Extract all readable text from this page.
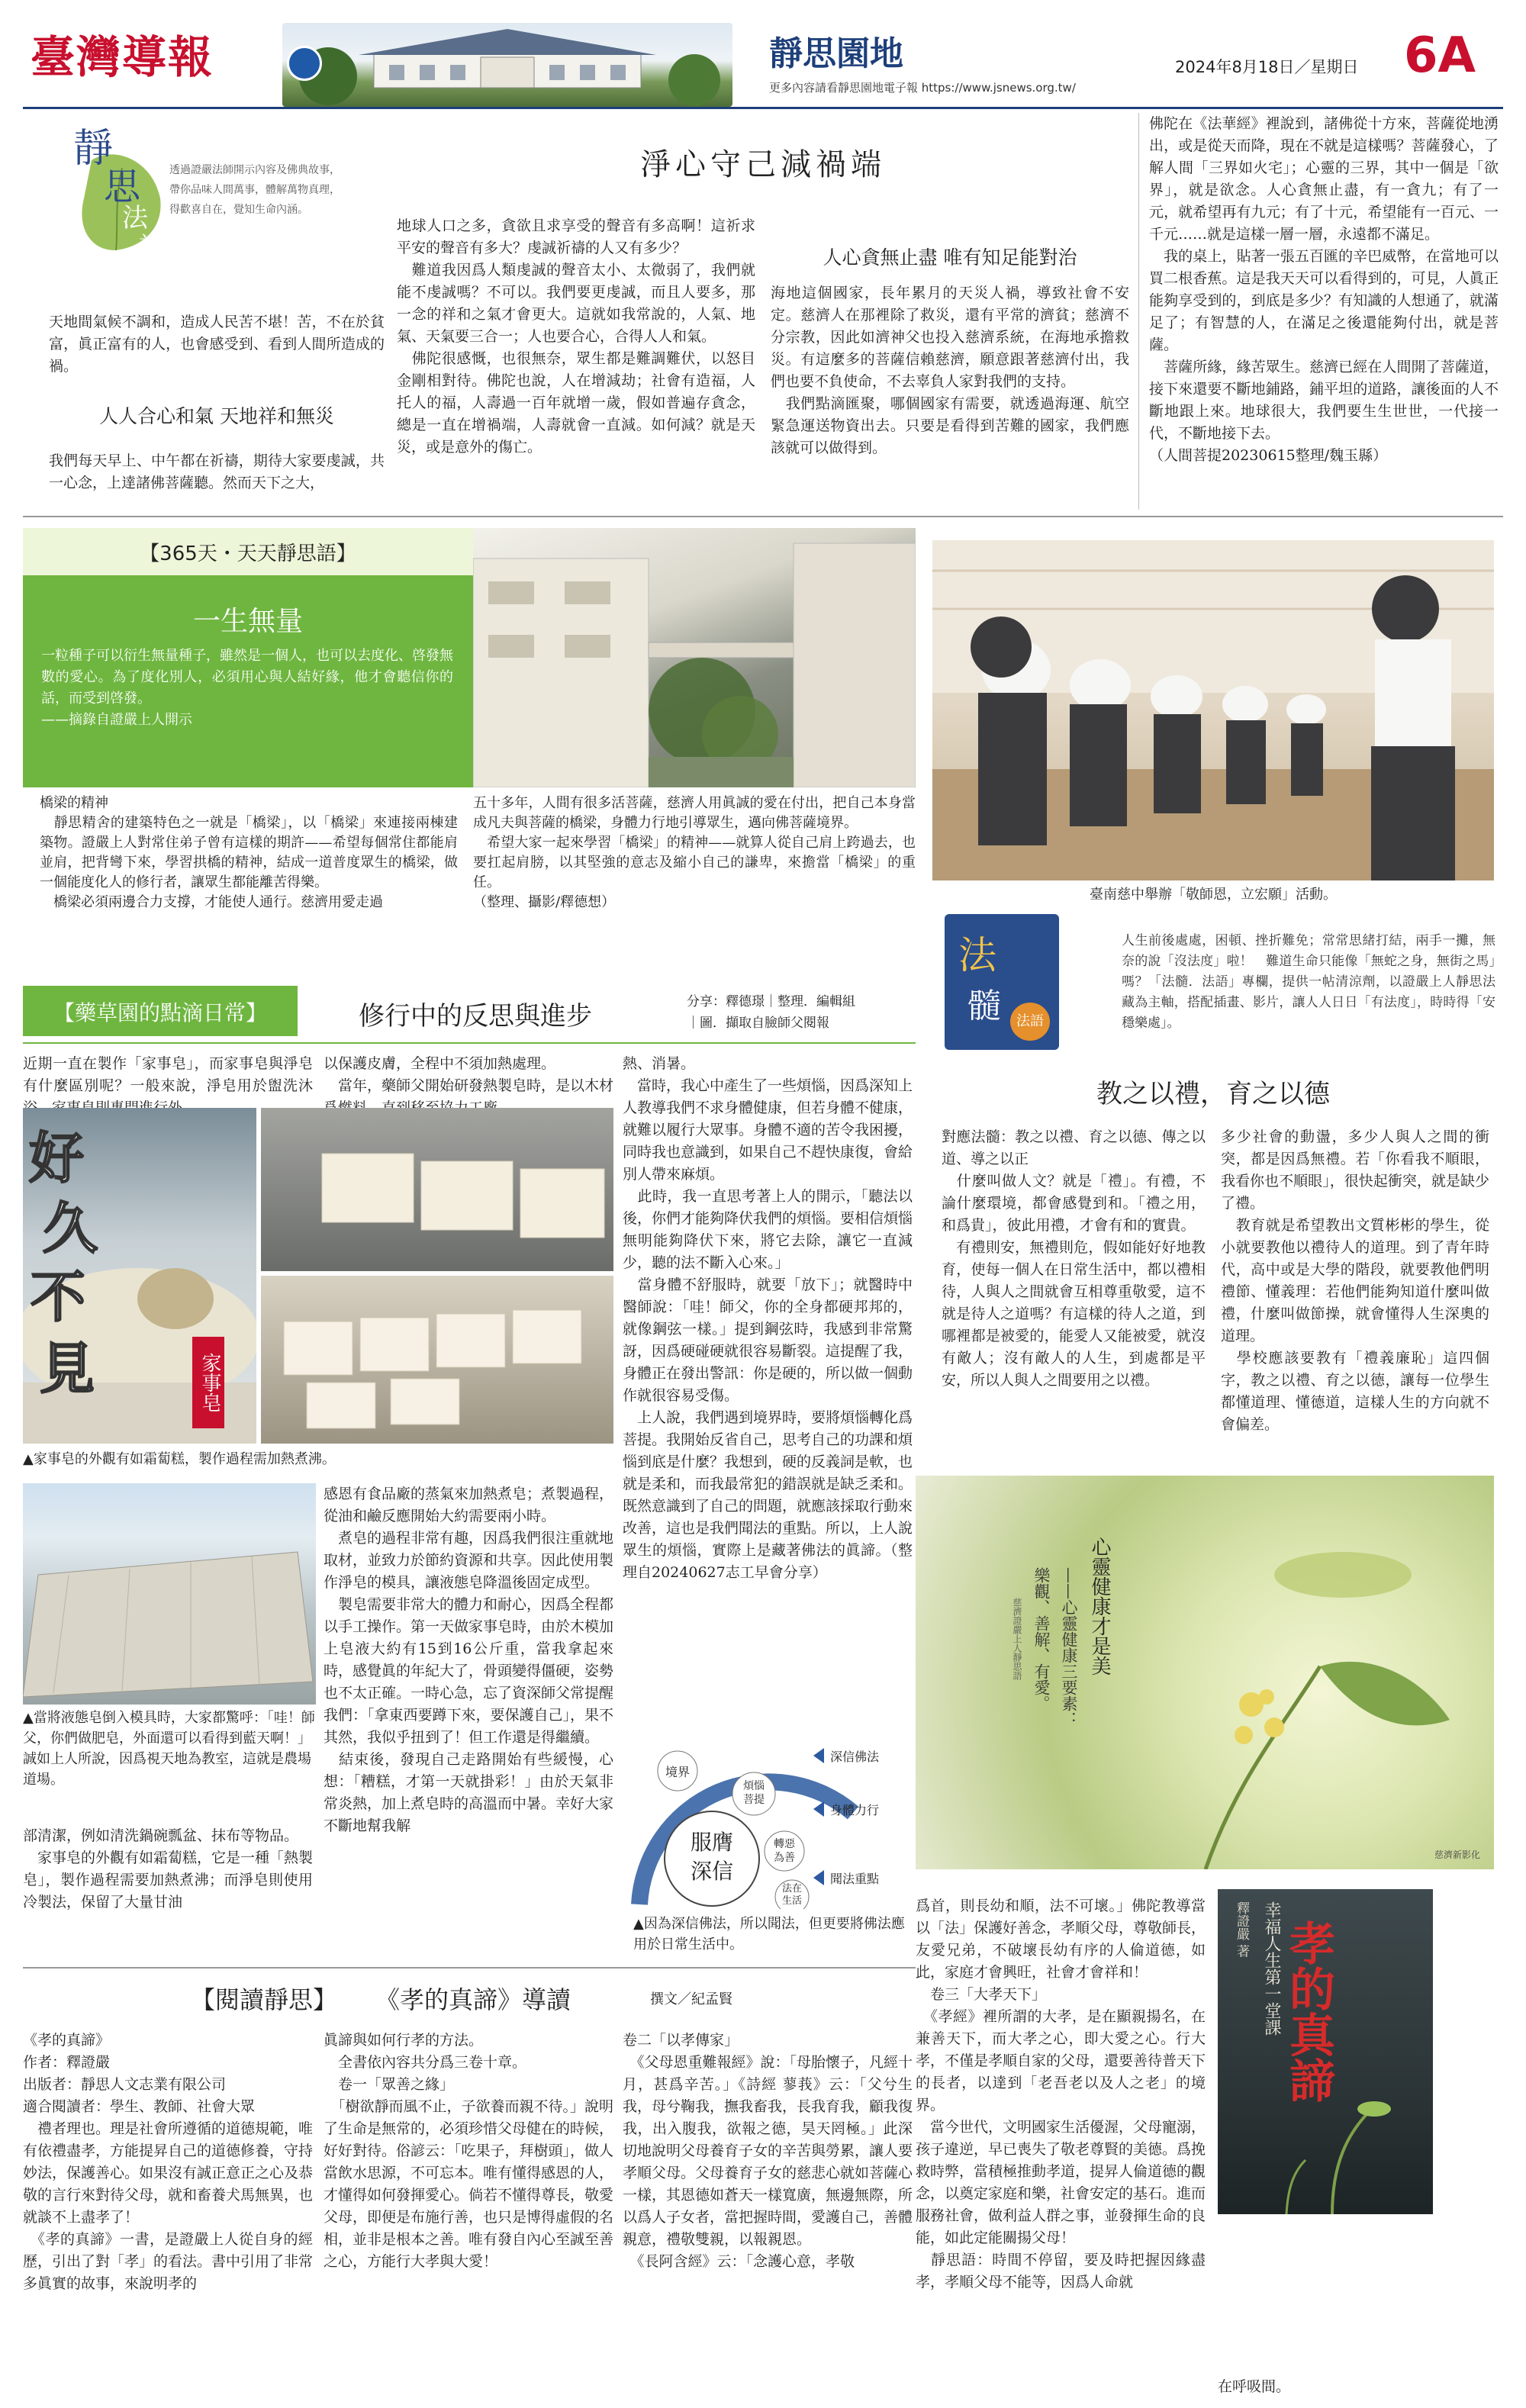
臺灣導報	靜思園地
更多內容請看靜思園地電子報 https://www.jsnews.org.tw/
2024年8月18日／星期日 6A
靜
思
法
語
透過證嚴法師開示內容及佛典故事，
帶你品味人間萬事，體解萬物真理，
得歡喜自在，覺知生命內涵。
淨心守己減禍端
天地間氣候不調和，造成人民苦不堪！苦，不在於貧富，眞正富有的人，也會感受到、看到人間所造成的禍。
人人合心和氣 天地祥和無災
我們每天早上、中午都在祈禱，期待大家要虔誠，共一心念，上達諸佛菩薩聽。然而天下之大，
地球人口之多，貪欲且求享受的聲音有多高啊！這祈求平安的聲音有多大？虔誠祈禱的人又有多少？
　難道我因爲人類虔誠的聲音太小、太微弱了，我們就能不虔誠嗎？不可以。我們要更虔誠，而且人要多，那一念的祥和之氣才會更大。這就如我常說的，人氣、地氣、天氣要三合一；人也要合心，合得人人和氣。
　佛陀很感慨，也很無奈，眾生都是難調難伏，以怒目金剛相對待。佛陀也說，人在增減劫；社會有造福，人托人的福，人壽過一百年就增一歲，假如普遍存貪念，總是一直在增禍端，人壽就會一直減。如何減？就是天災，或是意外的傷亡。
人心貪無止盡 唯有知足能對治
海地這個國家，長年累月的天災人禍，導致社會不安定。慈濟人在那裡除了救災，還有平常的濟貧；慈濟不分宗教，因此如濟神父也投入慈濟系統，在海地承擔救災。有這麼多的菩薩信賴慈濟，願意跟著慈濟付出，我們也要不負使命，不去辜負人家對我們的支持。
　我們點滴匯聚，哪個國家有需要，就透過海運、航空緊急運送物資出去。只要是看得到苦難的國家，我們應該就可以做得到。
佛陀在《法華經》裡說到，諸佛從十方來，菩薩從地湧出，或是從天而降，現在不就是這樣嗎？菩薩發心，了解人間「三界如火宅」；心靈的三界，其中一個是「欲界」，就是欲念。人心貪無止盡，有一貪九；有了一元，就希望再有九元；有了十元，希望能有一百元、一千元……就是這樣一層一層，永遠都不滿足。
　我的桌上，貼著一張五百匯的辛巴威幣，在當地可以買二根香蕉。這是我天天可以看得到的，可見，人眞正能夠享受到的，到底是多少？有知識的人想通了，就滿足了；有智慧的人，在滿足之後還能夠付出，就是菩薩。
　菩薩所緣，緣苦眾生。慈濟已經在人間開了菩薩道，接下來還要不斷地鋪路，鋪平坦的道路，讓後面的人不斷地跟上來。地球很大，我們要生生世世，一代接一代，不斷地接下去。
（人間菩提20230615整理/魏玉縣）
【365天・天天靜思語】
一生無量
一粒種子可以衍生無量種子，雖然是一個人，也可以去度化、啓發無數的愛心。為了度化別人，必須用心與人結好緣，他才會聽信你的話，而受到啓發。
——摘錄自證嚴上人開示
橋梁的精神
　靜思精舍的建築特色之一就是「橋梁」，以「橋梁」來連接兩棟建築物。證嚴上人對常住弟子曾有這樣的期許——希望每個常住都能肩並肩，把背彎下來，學習拱橋的精神，結成一道普度眾生的橋梁，做一個能度化人的修行者，讓眾生都能離苦得樂。
　橋梁必須兩邊合力支撐，才能使人通行。慈濟用愛走過
五十多年，人間有很多活菩薩，慈濟人用眞誠的愛在付出，把自己本身當成凡夫與菩薩的橋梁，身體力行地引導眾生，邁向佛菩薩境界。
　希望大家一起來學習「橋梁」的精神——就算人從自己肩上跨過去，也要扛起肩膀，以其堅強的意志及縮小自己的謙卑，來擔當「橋梁」的重任。
（整理、攝影/釋德想）	臺南慈中舉辦「敬師恩，立宏願」活動。
法
髓	法語
人生前後處處，困頓、挫折難免；常常思緒打結，兩手一攤，無奈的說「沒法度」啦！　難道生命只能像「無蛇之身，無街之馬」嗎？「法髓．法語」專欄，提供一帖清涼劑，以證嚴上人靜思法藏為主軸，搭配插畫、影片，讓人人日日「有法度」，時時得「安穩樂處」。
教之以禮，育之以德
對應法髓：教之以禮、育之以德、傳之以道、導之以正
　什麼叫做人文？就是「禮」。有禮，不論什麼環境，都會感覺到和。「禮之用，和爲貴」，彼此用禮，才會有和的實貴。
　有禮則安，無禮則危，假如能好好地教育，使每一個人在日常生活中，都以禮相待，人與人之間就會互相尊重敬愛，這不就是待人之道嗎？有這樣的待人之道，到哪裡都是被愛的，能愛人又能被愛，就沒有敵人；沒有敵人的人生，到處都是平安，所以人與人之間要用之以禮。
多少社會的動盪，多少人與人之間的衝突，都是因爲無禮。若「你看我不順眼，我看你也不順眼」，很快起衝突，就是缺少了禮。
　教育就是希望教出文質彬彬的學生，從小就要教他以禮待人的道理。到了青年時代，高中或是大學的階段，就要教他們明禮節、懂義理：若他們能夠知道什麼叫做禮，什麼叫做節操，就會懂得人生深奧的道理。
　學校應該要教有「禮義廉恥」這四個字，教之以禮、育之以德，讓每一位學生都懂道理、懂德道，這樣人生的方向就不會偏差。
心靈健康才是美
——心靈健康三要素：
樂觀、善解、有愛。
慈濟證嚴上人靜思語
慈濟新影化
【藥草園的點滴日常】	修行中的反思與進步	分享：釋德璟｜整理．編輯組
｜圖．擷取自臉師父閱報
近期一直在製作「家事皂」，而家事皂與淨皂有什麼區別呢？一般來說，淨皂用於盥洗沐
以保護皮膚，全程中不須加熱處理。
　當年，藥師父開始研發熱製皂時，是以木材
熱、消暑。
　當時，我心中產生了一些煩惱，因爲深知上人教導我們不求身體健康，但若身體不健康，就難以履行大眾事。身體不適的苦令我困擾，同時我也意識到，如果自己不趕快康復，會給別人帶來麻煩。
　此時，我一直思考著上人的開示，「聽法以後，你們才能夠降伏我們的煩惱。要相信煩惱無明能夠降伏下來，將它去除，讓它一直減少，聽的法不斷入心來。」
　當身體不舒服時，就要「放下」；就醫時中醫師說：「哇！師父，你的全身都硬邦邦的，就像鋼弦一樣。」提到鋼弦時，我感到非常驚訝，因爲硬碰硬就很容易斷裂。這提醒了我，身體正在發出警訊：你是硬的，所以做一個動作就很容易受傷。
　上人說，我們遇到境界時，要將煩惱轉化爲菩提。我開始反省自己，思考自己的功課和煩惱到底是什麼？我想到，硬的反義詞是軟，也就是柔和，而我最常犯的錯誤就是缺乏柔和。既然意識到了自己的問題，就應該採取行動來改善，這也是我們聞法的重點。所以，上人說眾生的煩惱，實際上是藏著佛法的眞諦。（整理自20240627志工早會分享）
好
久
不
見	家事皂
▲家事皂的外觀有如霜蔔糕，製作過程需加熱煮沸。
▲當將液態皂倒入模具時，大家都驚呼：「哇！師父，你們做肥皂，外面還可以看得到藍天啊！」誠如上人所說，因爲視天地為教室，這就是農場道場。
感恩有食品廠的蒸氣來加熱煮皂；煮製過程，從油和鹼反應開始大約需要兩小時。
　煮皂的過程非常有趣，因爲我們很注重就地取材，並致力於節約資源和共享。因此使用製作淨皂的模具，讓液態皂降溫後固定成型。
　製皂需要非常大的體力和耐心，因爲全程都以手工操作。第一天做家事皂時，由於木模加上皂液大約有15到16公斤重，當我拿起來時，感覺眞的年紀大了，骨頭變得僵硬，姿勢也不太正確。一時心急，忘了資深師父常提醒我們：「拿東西要蹲下來，要保護自己」，果不其然，我似乎扭到了！但工作還是得繼續。
　結束後，發現自己走路開始有些緩慢，心想：「糟糕，才第一天就掛彩！」由於天氣非常炎熱，加上煮皂時的高溫而中暑。幸好大家不斷地幫我解
部清潔，例如清洗鍋碗瓢盆、抹布等物品。
　家事皂的外觀有如霜蔔糕，它是一種「熱製皂」，製作過程需要加熱煮沸；而淨皂則使用冷製法，保留了大量甘油
境界
煩惱
菩提
轉惡
為善
法在
生活
服膺
深信
深信佛法
身體力行
聞法重點
▲因為深信佛法，所以聞法，但更要將佛法應用於日常生活中。
【閱讀靜思】	《孝的真諦》導讀	撰文／紀孟賢
《孝的真諦》
作者：釋證嚴
出版者：靜思人文志業有限公司
適合閱讀者：學生、教師、社會大眾
　禮者理也。理是社會所遵循的道德規範，唯有依禮盡孝，方能提昇自己的道德修養，守持妙法，保護善心。如果沒有誠正意正之心及恭敬的言行來對待父母，就和畜養犬馬無異，也就談不上盡孝了！
　《孝的真諦》一書，是證嚴上人從自身的經歷，引出了對「孝」的看法。書中引用了非常多眞實的故事，來說明孝的
眞諦與如何行孝的方法。
　全書依內容共分爲三卷十章。
　卷一「眾善之緣」
　「樹欲靜而風不止，子欲養而親不待。」說明了生命是無常的，必須珍惜父母健在的時候，好好對待。俗諺云：「吃果子，拜樹頭」，做人當飲水思源，不可忘本。唯有懂得感恩的人，才懂得如何發揮愛心。倘若不懂得尊長，敬愛父母，即便是布施行善，也只是博得虛假的名相，並非是根本之善。唯有發自內心至誠至善之心，方能行大孝與大愛！
卷二「以孝傳家」
　《父母恩重難報經》說：「母胎懷子，凡經十月，甚爲辛苦。」《詩經 蓼莪》云：「父兮生我，母兮鞠我，撫我畜我，長我育我，顧我復我，出入腹我，欲報之德，昊天罔極。」此深切地說明父母養育子女的辛苦與勞累，讓人要孝順父母。父母養育子女的慈悲心就如菩薩心一樣，其恩德如蒼天一樣寬廣，無邊無際，所以爲人子女者，當把握時間，愛護自己，善體親意，禮敬雙親，以報親恩。
　《長阿含經》云：「念護心意，孝敬
爲首，則長幼和順，法不可壞。」佛陀教導當以「法」保護好善念，孝順父母，尊敬師長，友愛兄弟，不破壞長幼有序的人倫道德，如此，家庭才會興旺，社會才會祥和！
　卷三「大孝天下」
　《孝經》裡所謂的大孝，是在顯親揚名，在兼善天下，而大孝之心，即大愛之心。行大孝，不僅是孝順自家的父母，還要善待普天下的長者，以達到「老吾老以及人之老」的境界。
　當今世代，文明國家生活優渥，父母寵溺，孩子違逆，早已喪失了敬老尊賢的美德。爲挽救時弊，當積極推動孝道，提昇人倫道德的觀念，以奠定家庭和樂，社會安定的基石。進而服務社會，做利益人群之事，並發揮生命的良能，如此定能關揚父母！
　靜思語：時間不停留，要及時把握因緣盡孝，孝順父母不能等，因爲人命就
釋證嚴 著 幸福人生第一堂課 孝的真諦
在呼吸間。
